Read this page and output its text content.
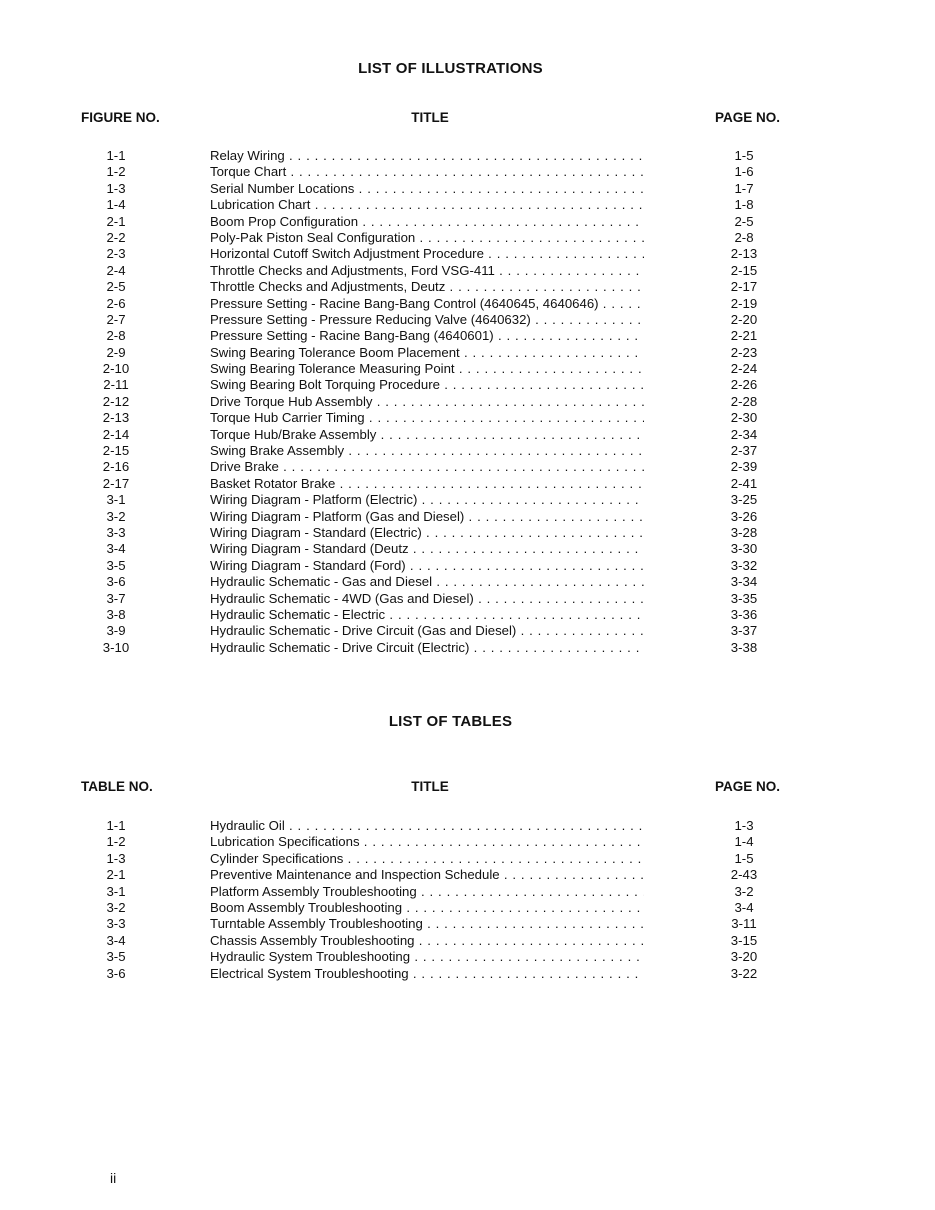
LIST OF ILLUSTRATIONS
FIGURE NO.	TITLE	PAGE NO.
1-1	Relay Wiring . . .	1-5
1-2	Torque Chart . . .	1-6
1-3	Serial Number Locations . . .	1-7
1-4	Lubrication Chart . . .	1-8
2-1	Boom Prop Configuration . . .	2-5
2-2	Poly-Pak Piston Seal Configuration . . .	2-8
2-3	Horizontal Cutoff Switch Adjustment Procedure . . .	2-13
2-4	Throttle Checks and Adjustments, Ford VSG-411 . . .	2-15
2-5	Throttle Checks and Adjustments, Deutz . . .	2-17
2-6	Pressure Setting - Racine Bang-Bang Control (4640645, 4640646) . . .	2-19
2-7	Pressure Setting - Pressure Reducing Valve (4640632) . . .	2-20
2-8	Pressure Setting - Racine Bang-Bang (4640601) . . .	2-21
2-9	Swing Bearing Tolerance Boom Placement . . .	2-23
2-10	Swing Bearing Tolerance Measuring Point . . .	2-24
2-11	Swing Bearing Bolt Torquing Procedure . . .	2-26
2-12	Drive Torque Hub Assembly . . .	2-28
2-13	Torque Hub Carrier Timing . . .	2-30
2-14	Torque Hub/Brake Assembly . . .	2-34
2-15	Swing Brake Assembly . . .	2-37
2-16	Drive Brake . . .	2-39
2-17	Basket Rotator Brake . . .	2-41
3-1	Wiring Diagram - Platform (Electric) . . .	3-25
3-2	Wiring Diagram - Platform (Gas and Diesel) . . .	3-26
3-3	Wiring Diagram - Standard (Electric) . . .	3-28
3-4	Wiring Diagram - Standard (Deutz . . .	3-30
3-5	Wiring Diagram - Standard (Ford) . . .	3-32
3-6	Hydraulic Schematic - Gas and Diesel . . .	3-34
3-7	Hydraulic Schematic - 4WD (Gas and Diesel) . . .	3-35
3-8	Hydraulic Schematic - Electric . . .	3-36
3-9	Hydraulic Schematic - Drive Circuit (Gas and Diesel) . . .	3-37
3-10	Hydraulic Schematic - Drive Circuit (Electric) . . .	3-38
LIST OF TABLES
TABLE NO.	TITLE	PAGE NO.
1-1	Hydraulic Oil . . .	1-3
1-2	Lubrication Specifications . . .	1-4
1-3	Cylinder Specifications . . .	1-5
2-1	Preventive Maintenance and Inspection Schedule . . .	2-43
3-1	Platform Assembly Troubleshooting . . .	3-2
3-2	Boom Assembly Troubleshooting . . .	3-4
3-3	Turntable Assembly Troubleshooting . . .	3-11
3-4	Chassis Assembly Troubleshooting . . .	3-15
3-5	Hydraulic System Troubleshooting . . .	3-20
3-6	Electrical System Troubleshooting . . .	3-22
ii
